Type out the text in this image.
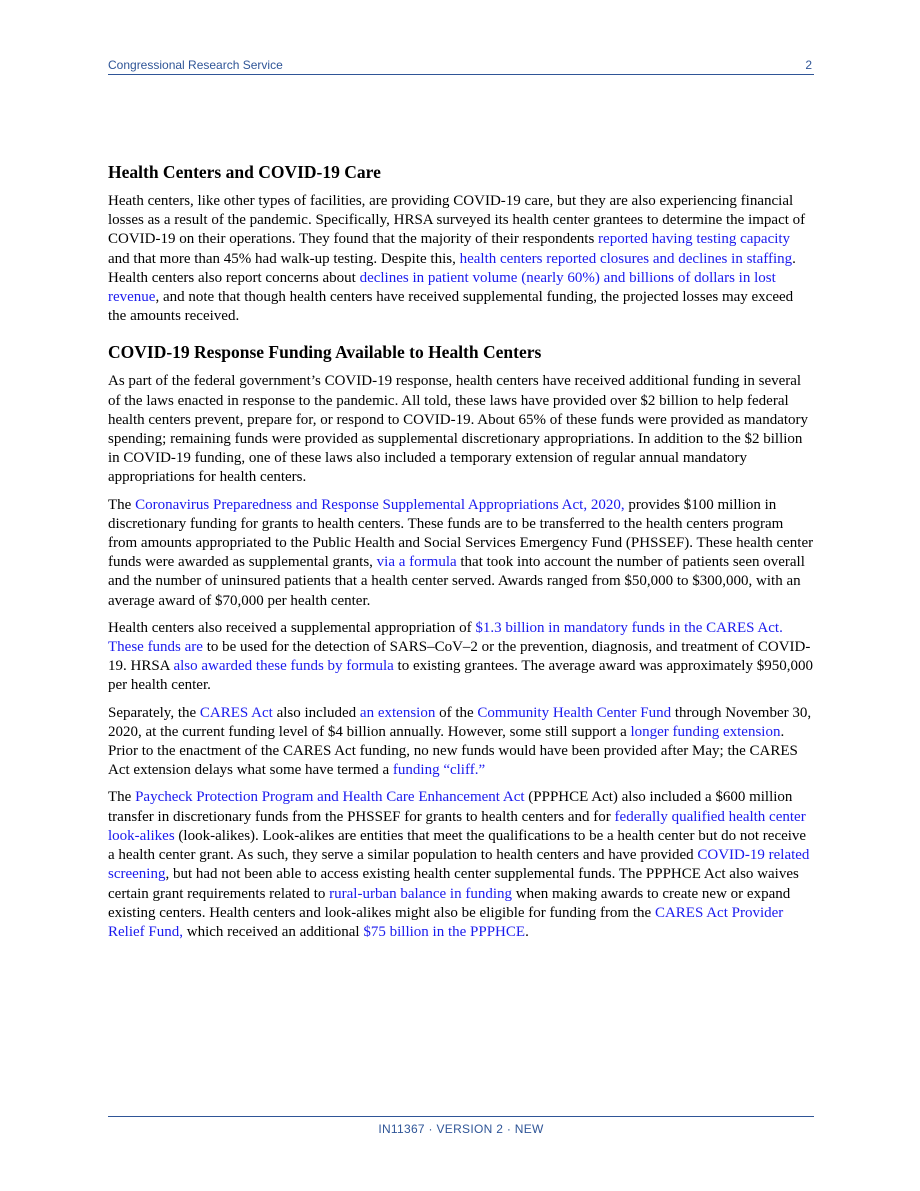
Congressional Research Service	2
Health Centers and COVID-19 Care

Heath centers, like other types of facilities, are providing COVID-19 care, but they are also experiencing financial losses as a result of the pandemic. Specifically, HRSA surveyed its health center grantees to determine the impact of COVID-19 on their operations. They found that the majority of their respondents reported having testing capacity and that more than 45% had walk-up testing. Despite this, health centers reported closures and declines in staffing. Health centers also report concerns about declines in patient volume (nearly 60%) and billions of dollars in lost revenue, and note that though health centers have received supplemental funding, the projected losses may exceed the amounts received.

COVID-19 Response Funding Available to Health Centers

As part of the federal government’s COVID-19 response, health centers have received additional funding in several of the laws enacted in response to the pandemic. All told, these laws have provided over $2 billion to help federal health centers prevent, prepare for, or respond to COVID-19. About 65% of these funds were provided as mandatory spending; remaining funds were provided as supplemental discretionary appropriations. In addition to the $2 billion in COVID-19 funding, one of these laws also included a temporary extension of regular annual mandatory appropriations for health centers.

The Coronavirus Preparedness and Response Supplemental Appropriations Act, 2020, provides $100 million in discretionary funding for grants to health centers. These funds are to be transferred to the health centers program from amounts appropriated to the Public Health and Social Services Emergency Fund (PHSSEF). These health center funds were awarded as supplemental grants, via a formula that took into account the number of patients seen overall and the number of uninsured patients that a health center served. Awards ranged from $50,000 to $300,000, with an average award of $70,000 per health center.

Health centers also received a supplemental appropriation of $1.3 billion in mandatory funds in the CARES Act. These funds are to be used for the detection of SARS–CoV–2 or the prevention, diagnosis, and treatment of COVID-19. HRSA also awarded these funds by formula to existing grantees. The average award was approximately $950,000 per health center.

Separately, the CARES Act also included an extension of the Community Health Center Fund through November 30, 2020, at the current funding level of $4 billion annually. However, some still support a longer funding extension. Prior to the enactment of the CARES Act funding, no new funds would have been provided after May; the CARES Act extension delays what some have termed a funding “cliff.”

The Paycheck Protection Program and Health Care Enhancement Act (PPPHCE Act) also included a $600 million transfer in discretionary funds from the PHSSEF for grants to health centers and for federally qualified health center look-alikes (look-alikes). Look-alikes are entities that meet the qualifications to be a health center but do not receive a health center grant. As such, they serve a similar population to health centers and have provided COVID-19 related screening, but had not been able to access existing health center supplemental funds. The PPPHCE Act also waives certain grant requirements related to rural-urban balance in funding when making awards to create new or expand existing centers. Health centers and look-alikes might also be eligible for funding from the CARES Act Provider Relief Fund, which received an additional $75 billion in the PPPHCE.

IN11367 · VERSION 2 · NEW
